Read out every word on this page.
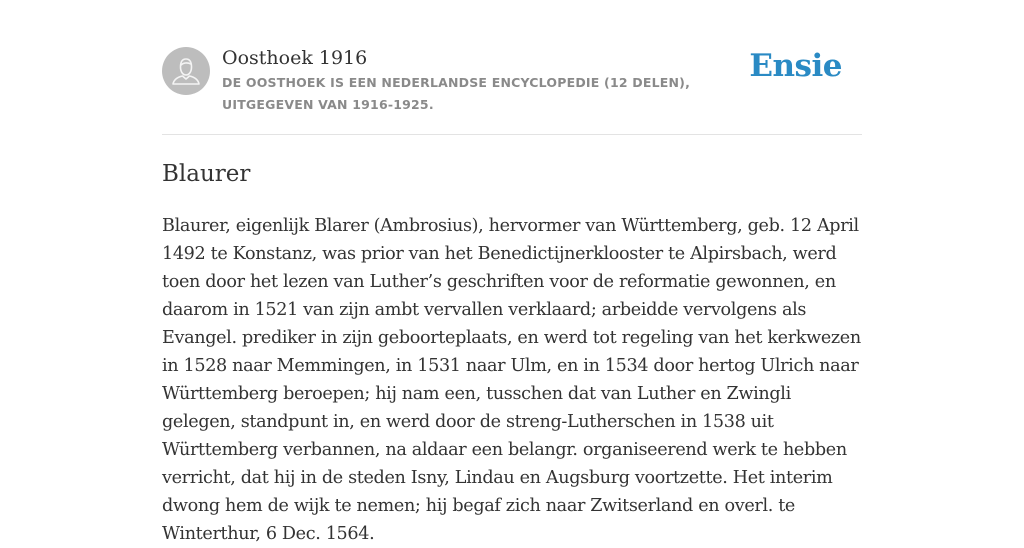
Oosthoek 1916
DE OOSTHOEK IS EEN NEDERLANDSE ENCYCLOPEDIE (12 DELEN), UITGEGEVEN VAN 1916-1925.
Ensie
Blaurer

Blaurer, eigenlijk Blarer (Ambrosius), hervormer van Württemberg, geb. 12 April 1492 te Konstanz, was prior van het Benedictijnerklooster te Alpirsbach, werd toen door het lezen van Luther’s geschriften voor de reformatie gewonnen, en daarom in 1521 van zijn ambt vervallen verklaard; arbeidde vervolgens als Evangel. prediker in zijn geboorteplaats, en werd tot regeling van het kerkwezen in 1528 naar Memmingen, in 1531 naar Ulm, en in 1534 door hertog Ulrich naar Württemberg beroepen; hij nam een, tusschen dat van Luther en Zwingli gelegen, standpunt in, en werd door de streng-Lutherschen in 1538 uit Württemberg verbannen, na aldaar een belangr. organiseerend werk te hebben verricht, dat hij in de steden Isny, Lindau en Augsburg voortzette. Het interim dwong hem de wijk te nemen; hij begaf zich naar Zwitserland en overl. te Winterthur, 6 Dec. 1564.
